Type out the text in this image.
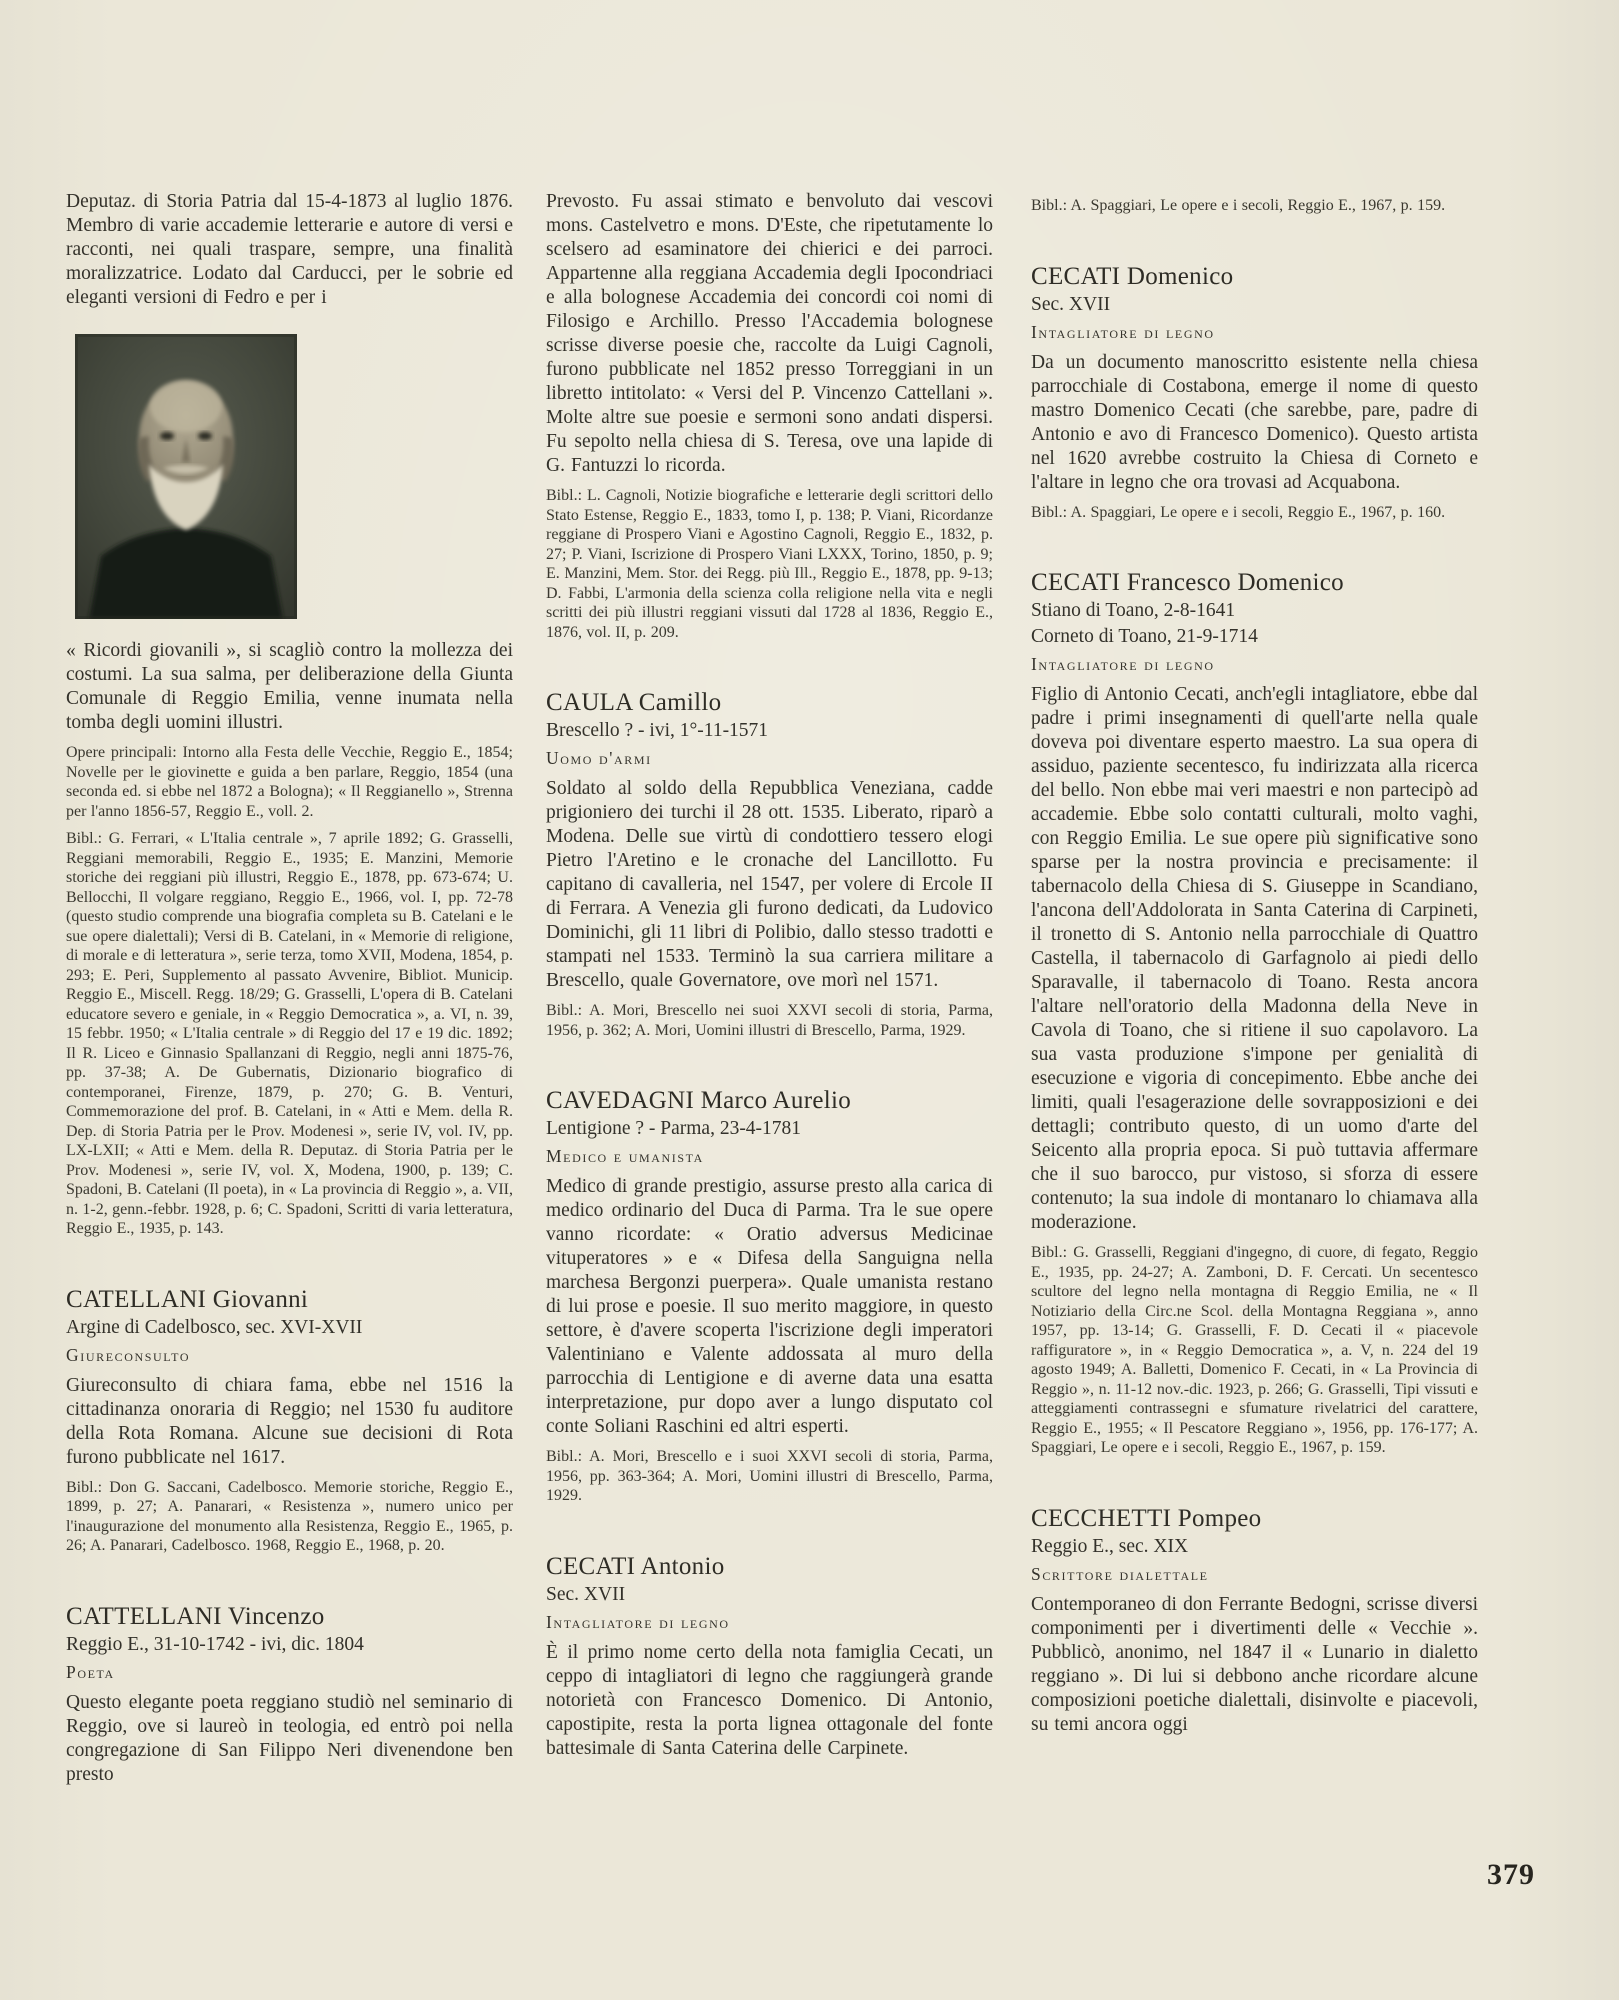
Deputaz. di Storia Patria dal 15-4-1873 al luglio 1876. Membro di varie accademie letterarie e autore di versi e racconti, nei quali traspare, sempre, una finalità moralizzatrice. Lodato dal Carducci, per le sobrie ed eleganti versioni di Fedro e per i

« Ricordi giovanili », si scagliò contro la mollezza dei costumi. La sua salma, per deliberazione della Giunta Comunale di Reggio Emilia, venne inumata nella tomba degli uomini illustri.

Opere principali: Intorno alla Festa delle Vecchie, Reggio E., 1854; Novelle per le giovinette e guida a ben parlare, Reggio, 1854 (una seconda ed. si ebbe nel 1872 a Bologna); « Il Reggianello », Strenna per l'anno 1856-57, Reggio E., voll. 2.

Bibl.: G. Ferrari, « L'Italia centrale », 7 aprile 1892; G. Grasselli, Reggiani memorabili, Reggio E., 1935; E. Manzini, Memorie storiche dei reggiani più illustri, Reggio E., 1878, pp. 673-674; U. Bellocchi, Il volgare reggiano, Reggio E., 1966, vol. I, pp. 72-78 (questo studio comprende una biografia completa su B. Catelani e le sue opere dialettali); Versi di B. Catelani, in « Memorie di religione, di morale e di letteratura », serie terza, tomo XVII, Modena, 1854, p. 293; E. Peri, Supplemento al passato Avvenire, Bibliot. Municip. Reggio E., Miscell. Regg. 18/29; G. Grasselli, L'opera di B. Catelani educatore severo e geniale, in « Reggio Democratica », a. VI, n. 39, 15 febbr. 1950; « L'Italia centrale » di Reggio del 17 e 19 dic. 1892; Il R. Liceo e Ginnasio Spallanzani di Reggio, negli anni 1875-76, pp. 37-38; A. De Gubernatis, Dizionario biografico di contemporanei, Firenze, 1879, p. 270; G. B. Venturi, Commemorazione del prof. B. Catelani, in « Atti e Mem. della R. Dep. di Storia Patria per le Prov. Modenesi », serie IV, vol. IV, pp. LX-LXII; « Atti e Mem. della R. Deputaz. di Storia Patria per le Prov. Modenesi », serie IV, vol. X, Modena, 1900, p. 139; C. Spadoni, B. Catelani (Il poeta), in « La provincia di Reggio », a. VII, n. 1-2, genn.-febbr. 1928, p. 6; C. Spadoni, Scritti di varia letteratura, Reggio E., 1935, p. 143.

CATELLANI Giovanni

Argine di Cadelbosco, sec. XVI-XVII

Giureconsulto

Giureconsulto di chiara fama, ebbe nel 1516 la cittadinanza onoraria di Reggio; nel 1530 fu auditore della Rota Romana. Alcune sue decisioni di Rota furono pubblicate nel 1617.

Bibl.: Don G. Saccani, Cadelbosco. Memorie storiche, Reggio E., 1899, p. 27; A. Panarari, « Resistenza », numero unico per l'inaugurazione del monumento alla Resistenza, Reggio E., 1965, p. 26; A. Panarari, Cadelbosco. 1968, Reggio E., 1968, p. 20.

CATTELLANI Vincenzo

Reggio E., 31-10-1742 - ivi, dic. 1804

Poeta

Questo elegante poeta reggiano studiò nel seminario di Reggio, ove si laureò in teologia, ed entrò poi nella congregazione di San Filippo Neri divenendone ben presto

Prevosto. Fu assai stimato e benvoluto dai vescovi mons. Castelvetro e mons. D'Este, che ripetutamente lo scelsero ad esaminatore dei chierici e dei parroci. Appartenne alla reggiana Accademia degli Ipocondriaci e alla bolognese Accademia dei concordi coi nomi di Filosigo e Archillo. Presso l'Accademia bolognese scrisse diverse poesie che, raccolte da Luigi Cagnoli, furono pubblicate nel 1852 presso Torreggiani in un libretto intitolato: « Versi del P. Vincenzo Cattellani ». Molte altre sue poesie e sermoni sono andati dispersi. Fu sepolto nella chiesa di S. Teresa, ove una lapide di G. Fantuzzi lo ricorda.

Bibl.: L. Cagnoli, Notizie biografiche e letterarie degli scrittori dello Stato Estense, Reggio E., 1833, tomo I, p. 138; P. Viani, Ricordanze reggiane di Prospero Viani e Agostino Cagnoli, Reggio E., 1832, p. 27; P. Viani, Iscrizione di Prospero Viani LXXX, Torino, 1850, p. 9; E. Manzini, Mem. Stor. dei Regg. più Ill., Reggio E., 1878, pp. 9-13; D. Fabbi, L'armonia della scienza colla religione nella vita e negli scritti dei più illustri reggiani vissuti dal 1728 al 1836, Reggio E., 1876, vol. II, p. 209.

CAULA Camillo

Brescello ? - ivi, 1°-11-1571

Uomo d'armi

Soldato al soldo della Repubblica Veneziana, cadde prigioniero dei turchi il 28 ott. 1535. Liberato, riparò a Modena. Delle sue virtù di condottiero tessero elogi Pietro l'Aretino e le cronache del Lancillotto. Fu capitano di cavalleria, nel 1547, per volere di Ercole II di Ferrara. A Venezia gli furono dedicati, da Ludovico Dominichi, gli 11 libri di Polibio, dallo stesso tradotti e stampati nel 1533. Terminò la sua carriera militare a Brescello, quale Governatore, ove morì nel 1571.

Bibl.: A. Mori, Brescello nei suoi XXVI secoli di storia, Parma, 1956, p. 362; A. Mori, Uomini illustri di Brescello, Parma, 1929.

CAVEDAGNI Marco Aurelio

Lentigione ? - Parma, 23-4-1781

Medico e umanista

Medico di grande prestigio, assurse presto alla carica di medico ordinario del Duca di Parma. Tra le sue opere vanno ricordate: « Oratio adversus Medicinae vituperatores » e « Difesa della Sanguigna nella marchesa Bergonzi puerpera». Quale umanista restano di lui prose e poesie. Il suo merito maggiore, in questo settore, è d'avere scoperta l'iscrizione degli imperatori Valentiniano e Valente addossata al muro della parrocchia di Lentigione e di averne data una esatta interpretazione, pur dopo aver a lungo disputato col conte Soliani Raschini ed altri esperti.

Bibl.: A. Mori, Brescello e i suoi XXVI secoli di storia, Parma, 1956, pp. 363-364; A. Mori, Uomini illustri di Brescello, Parma, 1929.

CECATI Antonio

Sec. XVII

Intagliatore di legno

È il primo nome certo della nota famiglia Cecati, un ceppo di intagliatori di legno che raggiungerà grande notorietà con Francesco Domenico. Di Antonio, capostipite, resta la porta lignea ottagonale del fonte battesimale di Santa Caterina delle Carpinete.

Bibl.: A. Spaggiari, Le opere e i secoli, Reggio E., 1967, p. 159.

CECATI Domenico

Sec. XVII

Intagliatore di legno

Da un documento manoscritto esistente nella chiesa parrocchiale di Costabona, emerge il nome di questo mastro Domenico Cecati (che sarebbe, pare, padre di Antonio e avo di Francesco Domenico). Questo artista nel 1620 avrebbe costruito la Chiesa di Corneto e l'altare in legno che ora trovasi ad Acquabona.

Bibl.: A. Spaggiari, Le opere e i secoli, Reggio E., 1967, p. 160.

CECATI Francesco Domenico

Stiano di Toano, 2-8-1641

Corneto di Toano, 21-9-1714

Intagliatore di legno

Figlio di Antonio Cecati, anch'egli intagliatore, ebbe dal padre i primi insegnamenti di quell'arte nella quale doveva poi diventare esperto maestro. La sua opera di assiduo, paziente secentesco, fu indirizzata alla ricerca del bello. Non ebbe mai veri maestri e non partecipò ad accademie. Ebbe solo contatti culturali, molto vaghi, con Reggio Emilia. Le sue opere più significative sono sparse per la nostra provincia e precisamente: il tabernacolo della Chiesa di S. Giuseppe in Scandiano, l'ancona dell'Addolorata in Santa Caterina di Carpineti, il tronetto di S. Antonio nella parrocchiale di Quattro Castella, il tabernacolo di Garfagnolo ai piedi dello Sparavalle, il tabernacolo di Toano. Resta ancora l'altare nell'oratorio della Madonna della Neve in Cavola di Toano, che si ritiene il suo capolavoro. La sua vasta produzione s'impone per genialità di esecuzione e vigoria di concepimento. Ebbe anche dei limiti, quali l'esagerazione delle sovrapposizioni e dei dettagli; contributo questo, di un uomo d'arte del Seicento alla propria epoca. Si può tuttavia affermare che il suo barocco, pur vistoso, si sforza di essere contenuto; la sua indole di montanaro lo chiamava alla moderazione.

Bibl.: G. Grasselli, Reggiani d'ingegno, di cuore, di fegato, Reggio E., 1935, pp. 24-27; A. Zamboni, D. F. Cercati. Un secentesco scultore del legno nella montagna di Reggio Emilia, ne « Il Notiziario della Circ.ne Scol. della Montagna Reggiana », anno 1957, pp. 13-14; G. Grasselli, F. D. Cecati il « piacevole raffiguratore », in « Reggio Democratica », a. V, n. 224 del 19 agosto 1949; A. Balletti, Domenico F. Cecati, in « La Provincia di Reggio », n. 11-12 nov.-dic. 1923, p. 266; G. Grasselli, Tipi vissuti e atteggiamenti contrassegni e sfumature rivelatrici del carattere, Reggio E., 1955; « Il Pescatore Reggiano », 1956, pp. 176-177; A. Spaggiari, Le opere e i secoli, Reggio E., 1967, p. 159.

CECCHETTI Pompeo

Reggio E., sec. XIX

Scrittore dialettale

Contemporaneo di don Ferrante Bedogni, scrisse diversi componimenti per i divertimenti delle « Vecchie ». Pubblicò, anonimo, nel 1847 il « Lunario in dialetto reggiano ». Di lui si debbono anche ricordare alcune composizioni poetiche dialettali, disinvolte e piacevoli, su temi ancora oggi

379
